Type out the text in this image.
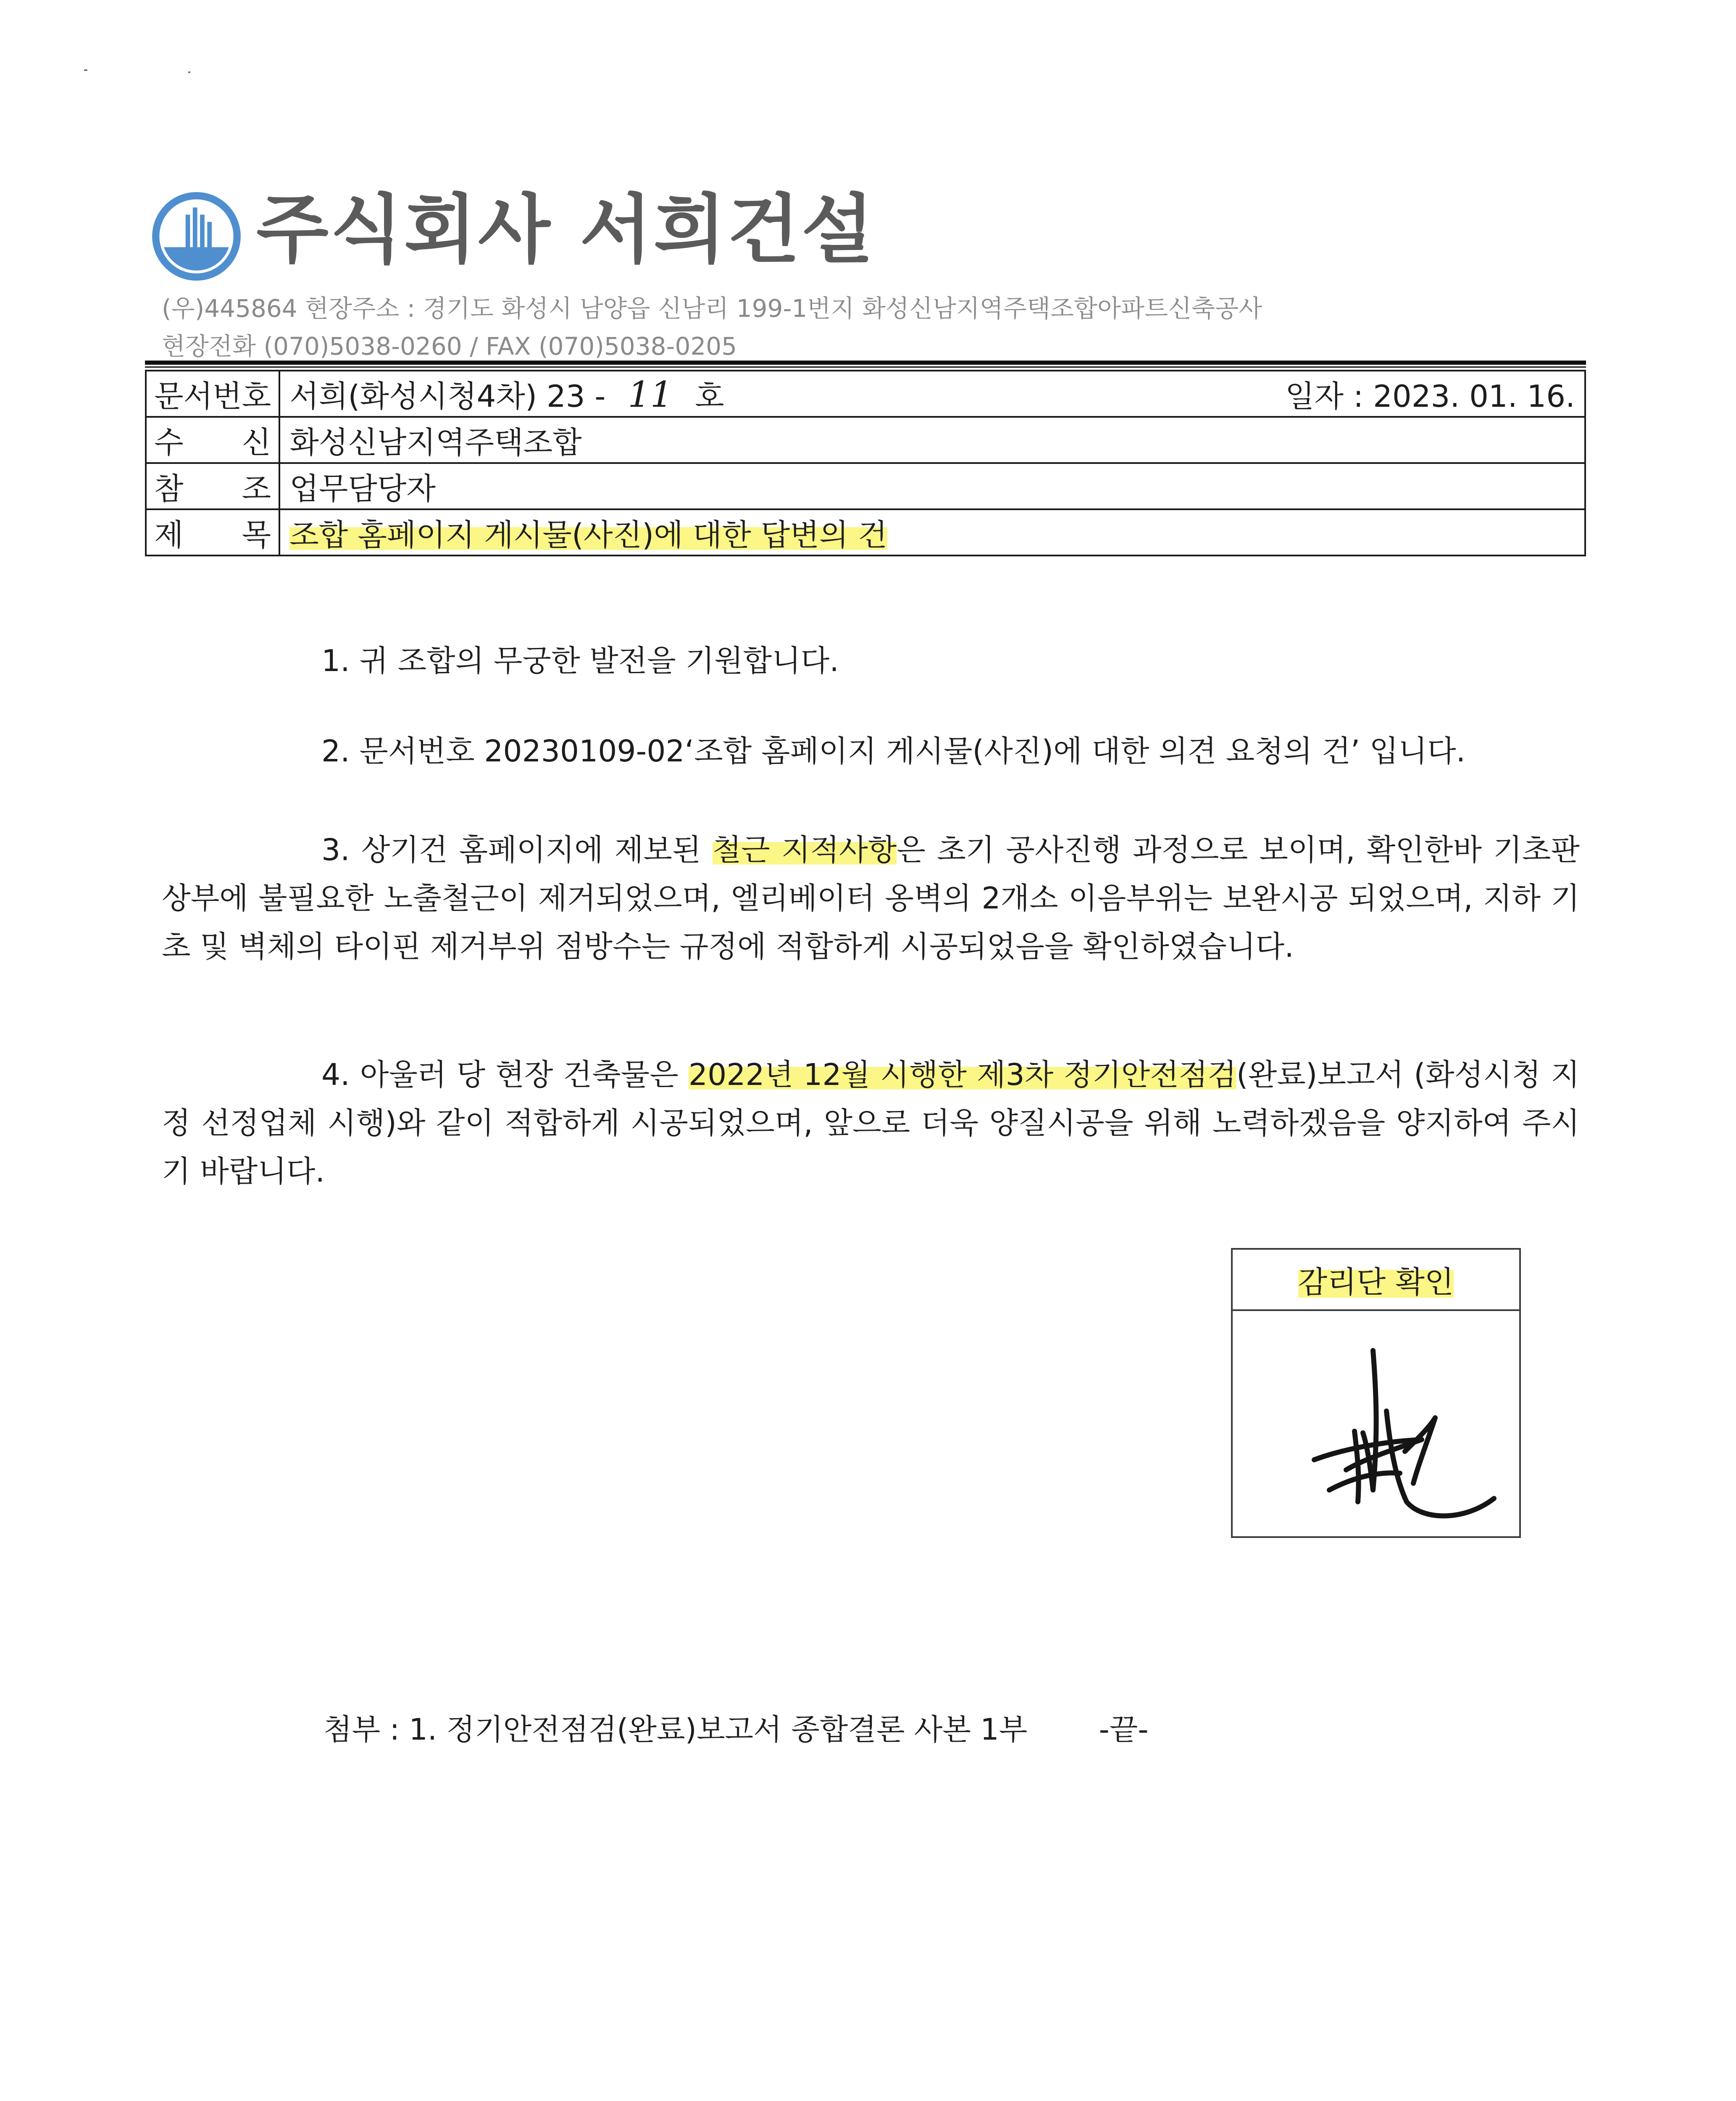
주식회사 서희건설
(우)445864 현장주소 : 경기도 화성시 남양읍 신남리 199-1번지 화성신남지역주택조합아파트신축공사
현장전화 (070)5038-0260 / FAX (070)5038-0205
문서번호	서희(화성시청4차) 23 - 11 호 일자 : 2023. 01. 16.

수 신	화성신남지역주택조합

참 조	업무담당자

제 목	조합 홈페이지 게시물(사진)에 대한 답변의 건

1. 귀 조합의 무궁한 발전을 기원합니다.

2. 문서번호 20230109-02‘조합 홈페이지 게시물(사진)에 대한 의견 요청의 건’ 입니다.

3. 상기건 홈페이지에 제보된 철근 지적사항은 초기 공사진행 과정으로 보이며, 확인한바 기초판 상부에 불필요한 노출철근이 제거되었으며, 엘리베이터 옹벽의 2개소 이음부위는 보완시공 되었으며, 지하 기초 및 벽체의 타이핀 제거부위 점방수는 규정에 적합하게 시공되었음을 확인하였습니다.

4. 아울러 당 현장 건축물은 2022년 12월 시행한 제3차 정기안전점검(완료)보고서 (화성시청 지정 선정업체 시행)와 같이 적합하게 시공되었으며, 앞으로 더욱 양질시공을 위해 노력하겠음을 양지하여 주시기 바랍니다.

감리단 확인
첨부 : 1. 정기안전점검(완료)보고서 종합결론 사본 1부 -끝-
